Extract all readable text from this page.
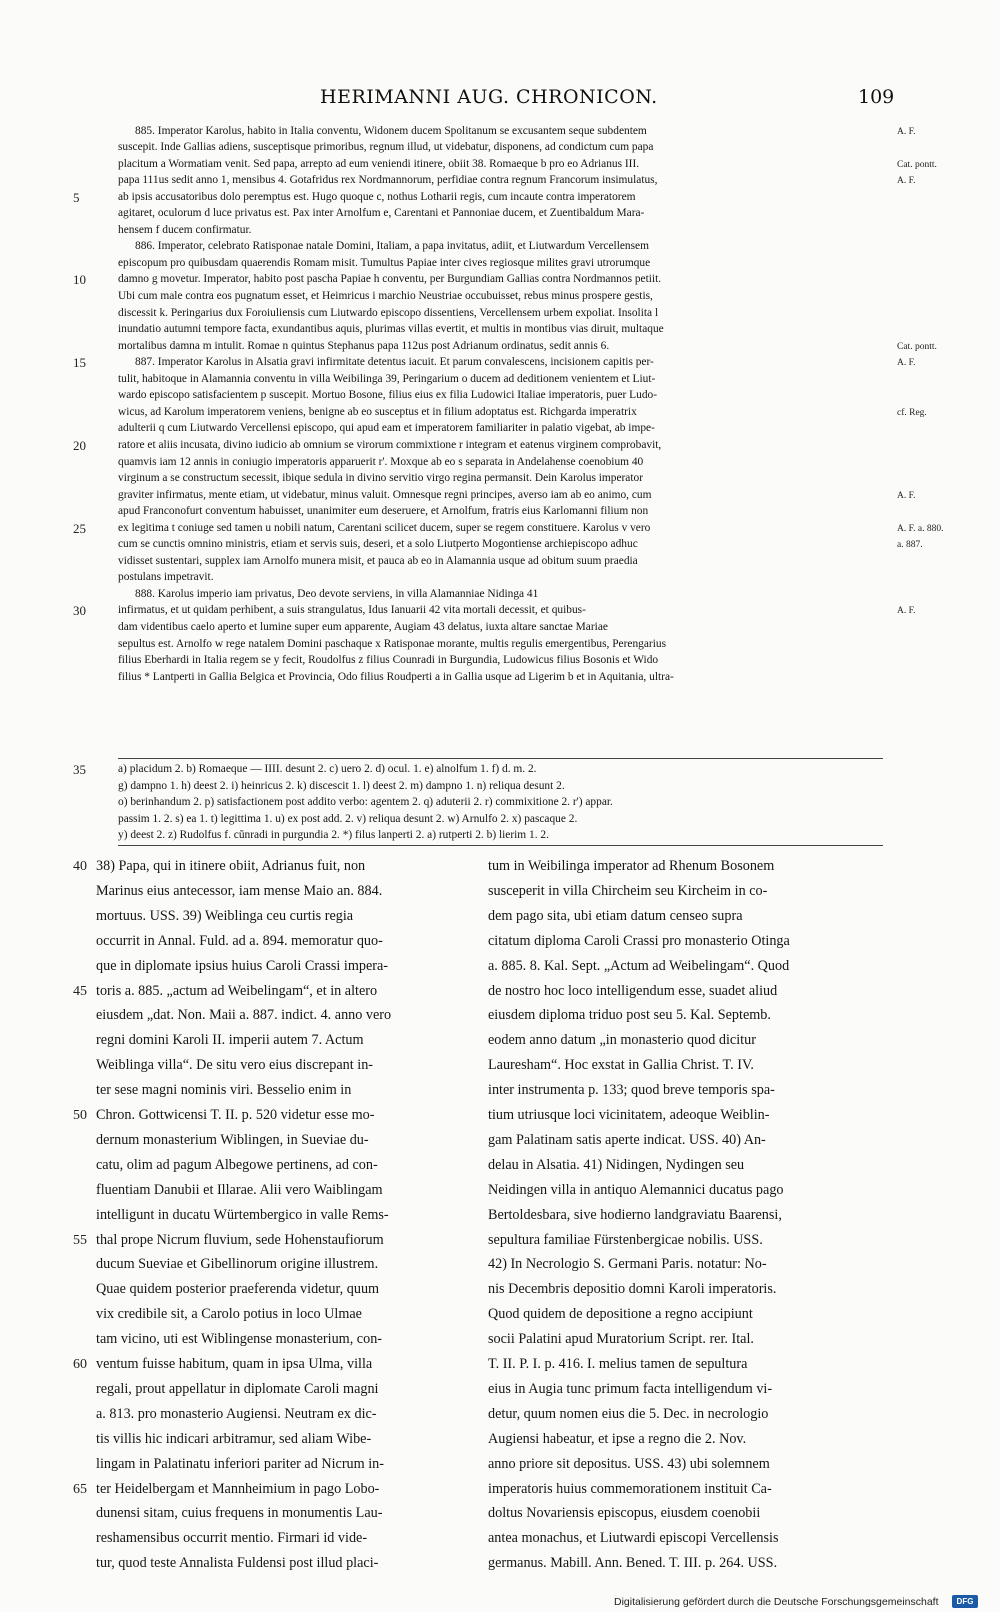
HERIMANNI AUG. CHRONICON.	109
885. Imperator Karolus, habito in Italia conventu, Widonem ducem Spolitanum se excusantem seque subdentem
suscepit. Inde Gallias adiens, susceptisque primoribus, regnum illud, ut videbatur, disponens, ad condictum cum papa
placitum a Wormatiam venit. Sed papa, arrepto ad eum veniendi itinere, obiit 38. Romaeque b pro eo Adrianus III.
papa 111us sedit anno 1, mensibus 4. Gotafridus rex Nordmannorum, perfidiae contra regnum Francorum insimulatus,
ab ipsis accusatoribus dolo peremptus est. Hugo quoque c, nothus Lotharii regis, cum incaute contra imperatorem
agitaret, oculorum d luce privatus est. Pax inter Arnolfum e, Carentani et Pannoniae ducem, et Zuentibaldum Mara-
hensem f ducem confirmatur.
886. Imperator, celebrato Ratisponae natale Domini, Italiam, a papa invitatus, adiit, et Liutwardum Vercellensem
episcopum pro quibusdam quaerendis Romam misit. Tumultus Papiae inter cives regiosque milites gravi utrorumque
damno g movetur. Imperator, habito post pascha Papiae h conventu, per Burgundiam Gallias contra Nordmannos petiit.
Ubi cum male contra eos pugnatum esset, et Heimricus i marchio Neustriae occubuisset, rebus minus prospere gestis,
discessit k. Peringarius dux Foroiuliensis cum Liutwardo episcopo dissentiens, Vercellensem urbem expoliat. Insolita l
inundatio autumni tempore facta, exundantibus aquis, plurimas villas evertit, et multis in montibus vias diruit, multaque
mortalibus damna m intulit. Romae n quintus Stephanus papa 112us post Adrianum ordinatus, sedit annis 6.
887. Imperator Karolus in Alsatia gravi infirmitate detentus iacuit. Et parum convalescens, incisionem capitis per-
tulit, habitoque in Alamannia conventu in villa Weibilinga 39, Peringarium o ducem ad deditionem venientem et Liut-
wardo episcopo satisfacientem p suscepit. Mortuo Bosone, filius eius ex filia Ludowici Italiae imperatoris, puer Ludo-
wicus, ad Karolum imperatorem veniens, benigne ab eo susceptus et in filium adoptatus est. Richgarda imperatrix
adulterii q cum Liutwardo Vercellensi episcopo, qui apud eam et imperatorem familiariter in palatio vigebat, ab impe-
ratore et aliis incusata, divino iudicio ab omnium se virorum commixtione r integram et eatenus virginem comprobavit,
quamvis iam 12 annis in coniugio imperatoris apparuerit r'. Moxque ab eo s separata in Andelahense coenobium 40
virginum a se constructum secessit, ibique sedula in divino servitio virgo regina permansit. Dein Karolus imperator
graviter infirmatus, mente etiam, ut videbatur, minus valuit. Omnesque regni principes, averso iam ab eo animo, cum
apud Franconofurt conventum habuisset, unanimiter eum deseruere, et Arnolfum, fratris eius Karlomanni filium non
ex legitima t coniuge sed tamen u nobili natum, Carentani scilicet ducem, super se regem constituere. Karolus v vero
cum se cunctis omnino ministris, etiam et servis suis, deseri, et a solo Liutperto Mogontiense archiepiscopo adhuc
vidisset sustentari, supplex iam Arnolfo munera misit, et pauca ab eo in Alamannia usque ad obitum suum praedia
postulans impetravit.
888. Karolus imperio iam privatus, Deo devote serviens, in villa Alamanniae Nidinga 41
infirmatus, et ut quidam perhibent, a suis strangulatus, Idus Ianuarii 42 vita mortali decessit, et quibus-
dam videntibus caelo aperto et lumine super eum apparente, Augiam 43 delatus, iuxta altare sanctae Mariae
sepultus est. Arnolfo w rege natalem Domini paschaque x Ratisponae morante, multis regulis emergentibus, Perengarius
filius Eberhardi in Italia regem se y fecit, Roudolfus z filius Counradi in Burgundia, Ludowicus filius Bosonis et Wido
filius * Lantperti in Gallia Belgica et Provincia, Odo filius Roudperti a in Gallia usque ad Ligerim b et in Aquitania, ultra-
5
10
15
20
25
30
A. F.
Cat. pontt.
A. F.
Cat. pontt.
A. F.
cf. Reg.
A. F.
A. F. a. 880.
a. 887.
A. F.
a) placidum 2. b) Romaeque — IIII. desunt 2. c) uero 2. d) ocul. 1. e) alnolfum 1. f) d. m. 2.
g) dampno 1. h) deest 2. i) heinricus 2. k) discescit 1. l) deest 2. m) dampno 1. n) reliqua desunt 2.
o) berinhandum 2. p) satisfactionem post addito verbo: agentem 2. q) aduterii 2. r) commixitione 2. r') appar.
passim 1. 2. s) ea 1. t) legittima 1. u) ex post add. 2. v) reliqua desunt 2. w) Arnulfo 2. x) pascaque 2.
y) deest 2. z) Rudolfus f. cŭnradi in purgundia 2. *) filus lanperti 2. a) rutperti 2. b) lierim 1. 2.
35
38) Papa, qui in itinere obiit, Adrianus fuit, non
Marinus eius antecessor, iam mense Maio an. 884.
mortuus. USS. 39) Weiblinga ceu curtis regia
occurrit in Annal. Fuld. ad a. 894. memoratur quo-
que in diplomate ipsius huius Caroli Crassi impera-
toris a. 885. „actum ad Weibelingam“, et in altero
eiusdem „dat. Non. Maii a. 887. indict. 4. anno vero
regni domini Karoli II. imperii autem 7. Actum
Weiblinga villa“. De situ vero eius discrepant in-
ter sese magni nominis viri. Besselio enim in
Chron. Gottwicensi T. II. p. 520 videtur esse mo-
dernum monasterium Wiblingen, in Sueviae du-
catu, olim ad pagum Albegowe pertinens, ad con-
fluentiam Danubii et Illarae. Alii vero Waiblingam
intelligunt in ducatu Würtembergico in valle Rems-
thal prope Nicrum fluvium, sede Hohenstaufiorum
ducum Sueviae et Gibellinorum origine illustrem.
Quae quidem posterior praeferenda videtur, quum
vix credibile sit, a Carolo potius in loco Ulmae
tam vicino, uti est Wiblingense monasterium, con-
ventum fuisse habitum, quam in ipsa Ulma, villa
regali, prout appellatur in diplomate Caroli magni
a. 813. pro monasterio Augiensi. Neutram ex dic-
tis villis hic indicari arbitramur, sed aliam Wibe-
lingam in Palatinatu inferiori pariter ad Nicrum in-
ter Heidelbergam et Mannheimium in pago Lobo-
dunensi sitam, cuius frequens in monumentis Lau-
reshamensibus occurrit mentio. Firmari id vide-
tur, quod teste Annalista Fuldensi post illud placi-
tum in Weibilinga imperator ad Rhenum Bosonem
susceperit in villa Chircheim seu Kircheim in co-
dem pago sita, ubi etiam datum censeo supra
citatum diploma Caroli Crassi pro monasterio Otinga
a. 885. 8. Kal. Sept. „Actum ad Weibelingam“. Quod
de nostro hoc loco intelligendum esse, suadet aliud
eiusdem diploma triduo post seu 5. Kal. Septemb.
eodem anno datum „in monasterio quod dicitur
Lauresham“. Hoc exstat in Gallia Christ. T. IV.
inter instrumenta p. 133; quod breve temporis spa-
tium utriusque loci vicinitatem, adeoque Weiblin-
gam Palatinam satis aperte indicat. USS. 40) An-
delau in Alsatia. 41) Nidingen, Nydingen seu
Neidingen villa in antiquo Alemannici ducatus pago
Bertoldesbara, sive hodierno landgraviatu Baarensi,
sepultura familiae Fürstenbergicae nobilis. USS.
42) In Necrologio S. Germani Paris. notatur: No-
nis Decembris depositio domni Karoli imperatoris.
Quod quidem de depositione a regno accipiunt
socii Palatini apud Muratorium Script. rer. Ital.
T. II. P. I. p. 416. I. melius tamen de sepultura
eius in Augia tunc primum facta intelligendum vi-
detur, quum nomen eius die 5. Dec. in necrologio
Augiensi habeatur, et ipse a regno die 2. Nov.
anno priore sit depositus. USS. 43) ubi solemnem
imperatoris huius commemorationem instituit Ca-
doltus Novariensis episcopus, eiusdem coenobii
antea monachus, et Liutwardi episcopi Vercellensis
germanus. Mabill. Ann. Bened. T. III. p. 264. USS.
40
45
50
55
60
65
Digitalisierung gefördert durch die Deutsche Forschungsgemeinschaft	DFG
